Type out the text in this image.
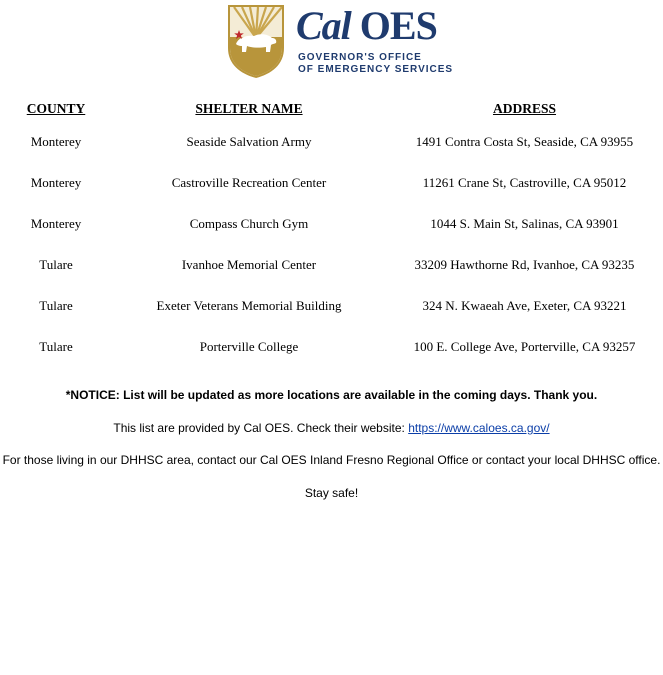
Cal OES
GOVERNOR'S OFFICE
OF EMERGENCY SERVICES
COUNTY	SHELTER NAME	ADDRESS
Monterey	Seaside Salvation Army	1491 Contra Costa St, Seaside, CA 93955
Monterey	Castroville Recreation Center	11261 Crane St, Castroville, CA 95012
Monterey	Compass Church Gym	1044 S. Main St, Salinas, CA 93901
Tulare	Ivanhoe Memorial Center	33209 Hawthorne Rd, Ivanhoe, CA 93235
Tulare	Exeter Veterans Memorial Building	324 N. Kwaeah Ave, Exeter, CA 93221
Tulare	Porterville College	100 E. College Ave, Porterville, CA 93257
*NOTICE: List will be updated as more locations are available in the coming days. Thank you.
This list are provided by Cal OES. Check their website: https://www.caloes.ca.gov/
For those living in our DHHSC area, contact our Cal OES Inland Fresno Regional Office or contact your local DHHSC office.
Stay safe!
